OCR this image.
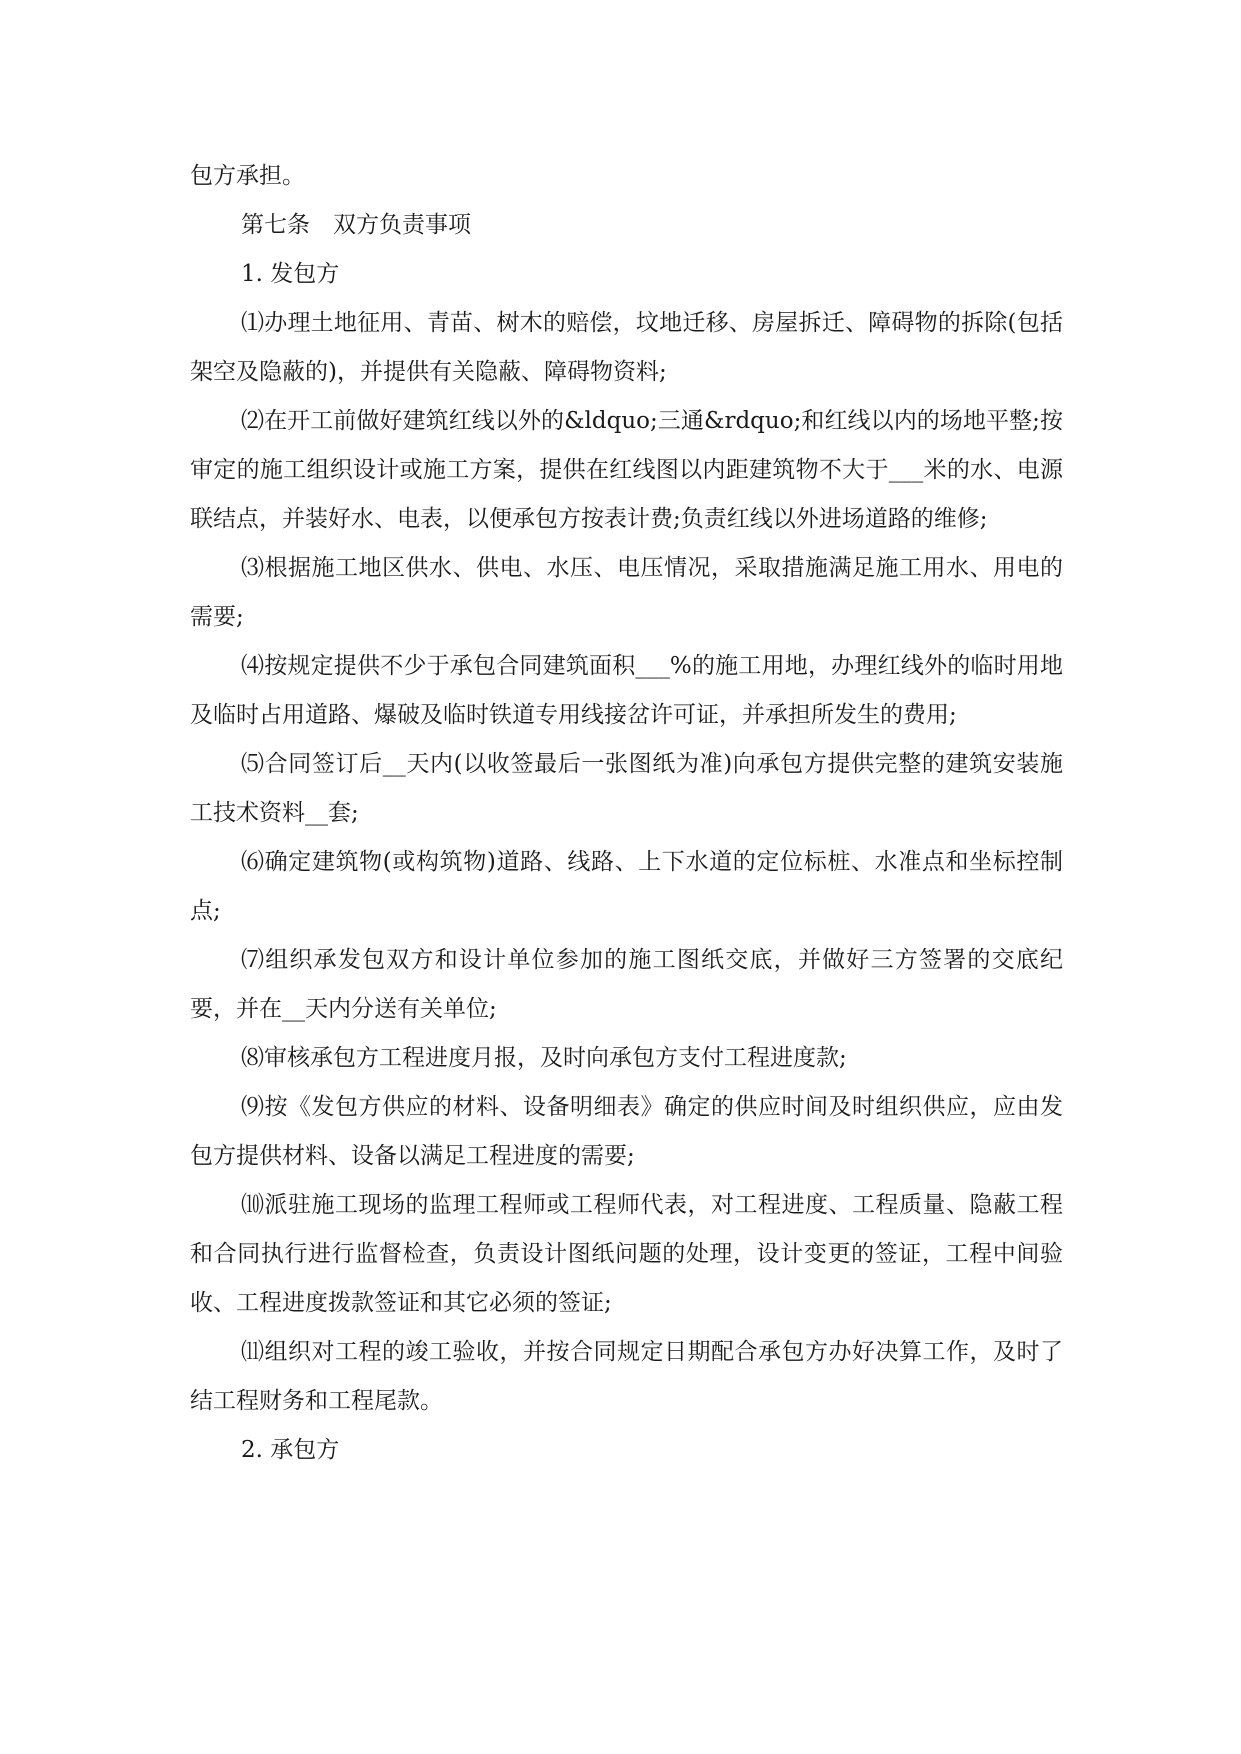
包方承担。

第七条　双方负责事项

1. 发包方

⑴办理土地征用、青苗、树木的赔偿，坟地迁移、房屋拆迁、障碍物的拆除(包括架空及隐蔽的)，并提供有关隐蔽、障碍物资料;

⑵在开工前做好建筑红线以外的&ldquo;三通&rdquo;和红线以内的场地平整;按审定的施工组织设计或施工方案，提供在红线图以内距建筑物不大于___米的水、电源联结点，并装好水、电表，以便承包方按表计费;负责红线以外进场道路的维修;

⑶根据施工地区供水、供电、水压、电压情况，采取措施满足施工用水、用电的需要;

⑷按规定提供不少于承包合同建筑面积___%的施工用地，办理红线外的临时用地及临时占用道路、爆破及临时铁道专用线接岔许可证，并承担所发生的费用;

⑸合同签订后__天内(以收签最后一张图纸为准)向承包方提供完整的建筑安装施工技术资料__套;

⑹确定建筑物(或构筑物)道路、线路、上下水道的定位标桩、水准点和坐标控制点;

⑺组织承发包双方和设计单位参加的施工图纸交底，并做好三方签署的交底纪要，并在__天内分送有关单位;

⑻审核承包方工程进度月报，及时向承包方支付工程进度款;

⑼按《发包方供应的材料、设备明细表》确定的供应时间及时组织供应，应由发包方提供材料、设备以满足工程进度的需要;

⑽派驻施工现场的监理工程师或工程师代表，对工程进度、工程质量、隐蔽工程和合同执行进行监督检查，负责设计图纸问题的处理，设计变更的签证，工程中间验收、工程进度拨款签证和其它必须的签证;

⑾组织对工程的竣工验收，并按合同规定日期配合承包方办好决算工作，及时了结工程财务和工程尾款。

2. 承包方
